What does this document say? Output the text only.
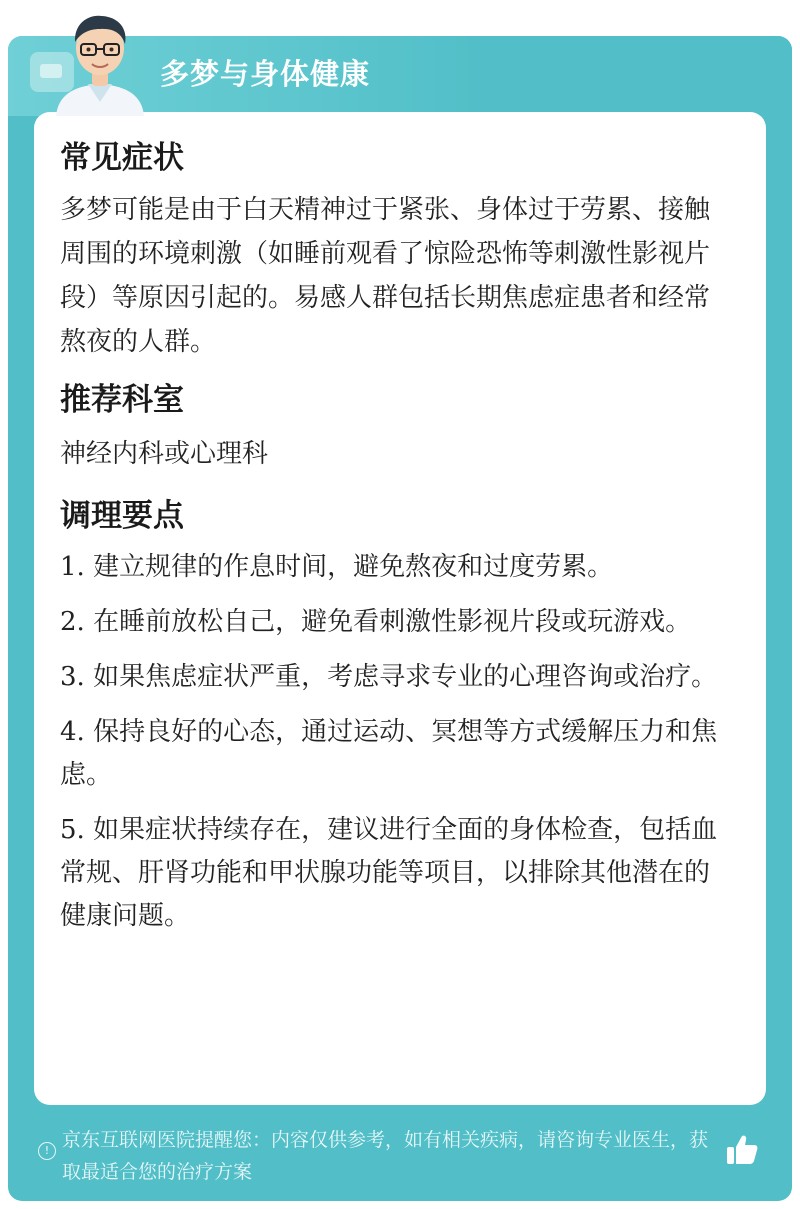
多梦与身体健康
常见症状

多梦可能是由于白天精神过于紧张、身体过于劳累、接触周围的环境刺激（如睡前观看了惊险恐怖等刺激性影视片段）等原因引起的。易感人群包括长期焦虑症患者和经常熬夜的人群。

推荐科室

神经内科或心理科

调理要点

1. 建立规律的作息时间，避免熬夜和过度劳累。

2. 在睡前放松自己，避免看刺激性影视片段或玩游戏。

3. 如果焦虑症状严重，考虑寻求专业的心理咨询或治疗。

4. 保持良好的心态，通过运动、冥想等方式缓解压力和焦虑。

5. 如果症状持续存在，建议进行全面的身体检查，包括血常规、肝肾功能和甲状腺功能等项目，以排除其他潜在的健康问题。

! 京东互联网医院提醒您：内容仅供参考，如有相关疾病，请咨询专业医生，获取最适合您的治疗方案
